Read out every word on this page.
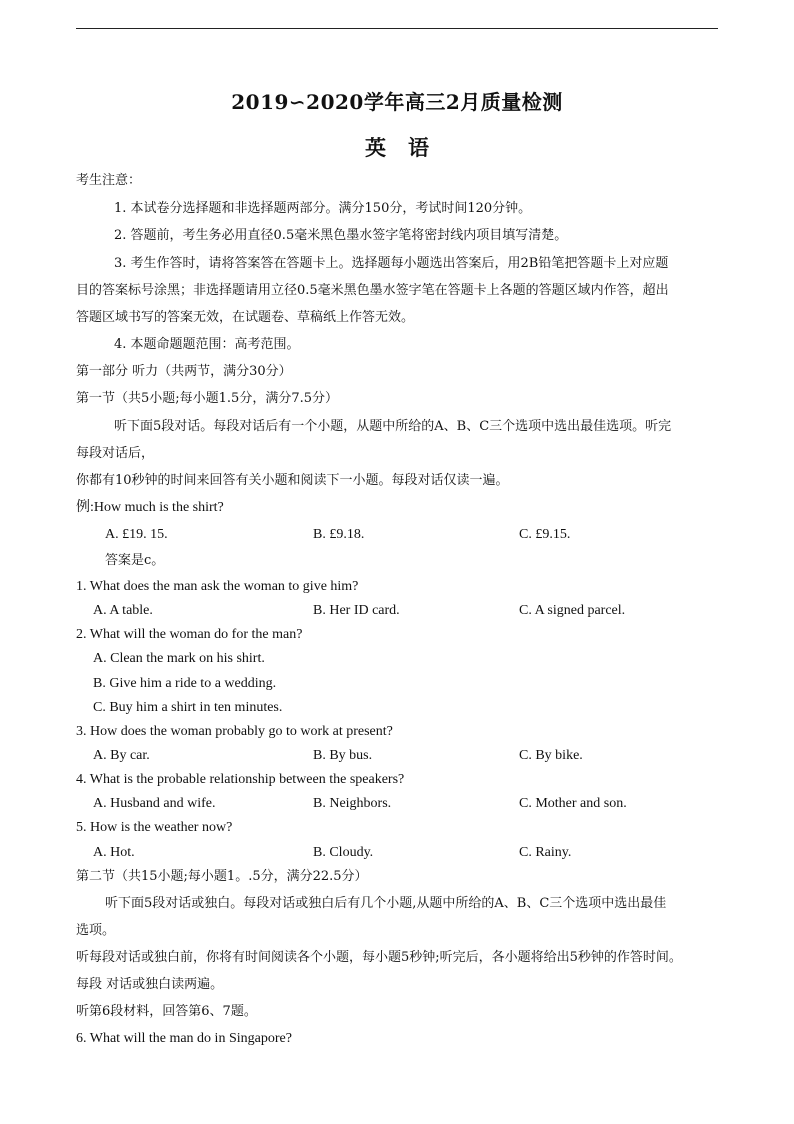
2019∽2020学年高三2月质量检测
英语
考生注意：
1. 本试卷分选择题和非选择题两部分。满分150分，考试时间120分钟。
2. 答题前，考生务必用直径0.5毫米黑色墨水签字笔将密封线内项目填写清楚。
3. 考生作答时，请将答案答在答题卡上。选择题每小题选出答案后，用2B铅笔把答题卡上对应题
目的答案标号涂黑；非选择题请用立径0.5毫米黑色墨水签字笔在答题卡上各题的答题区域内作答，超出
答题区域书写的答案无效，在试题卷、草稿纸上作答无效。
4. 本题命题题范围：高考范围。
第一部分 听力（共两节，满分30分）
第一节（共5小题;每小题1.5分，满分7.5分）
听下面5段对话。每段对话后有一个小题，从题中所给的A、B、C三个选项中选出最佳选项。听完
每段对话后，
你都有10秒钟的时间来回答有关小题和阅读下一小题。每段对话仅读一遍。
例:How much is the shirt?
A. £19. 15.	B. £9.18.	C. £9.15.
答案是c。
1. What does the man ask the woman to give him?
A. A table.	B. Her ID card.	C. A signed parcel.
2. What will the woman do for the man?
A. Clean the mark on his shirt.
B. Give him a ride to a wedding.
C. Buy him a shirt in ten minutes.
3. How does the woman probably go to work at present?
A. By car.	B. By bus.	C. By bike.
4. What is the probable relationship between the speakers?
A. Husband and wife.	B. Neighbors.	C. Mother and son.
5. How is the weather now?
A. Hot.	B. Cloudy.	C. Rainy.
第二节（共15小题;每小题1。.5分，满分22.5分）
听下面5段对话或独白。每段对话或独白后有几个小题,从题中所给的A、B、C三个选项中选出最佳
选项。
听每段对话或独白前，你将有时间阅读各个小题，每小题5秒钟;听完后，各小题将给出5秒钟的作答时间。
每段 对话或独白读两遍。
听第6段材料，回答第6、7题。
6. What will the man do in Singapore?
